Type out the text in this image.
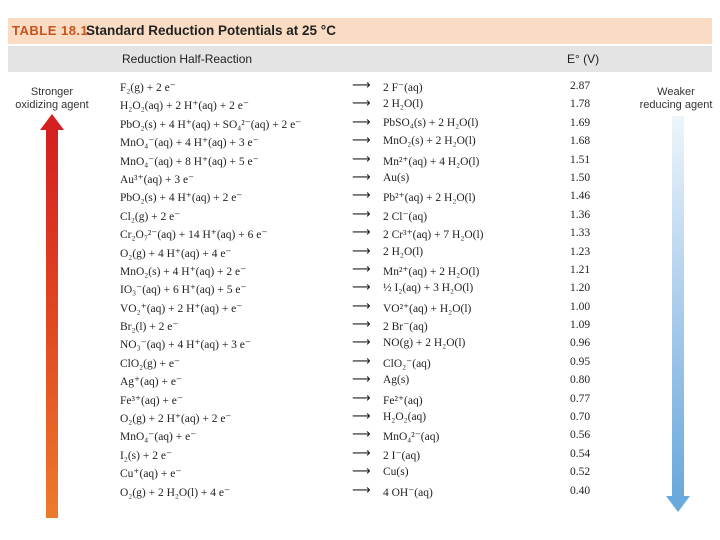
TABLE 18.1
Standard Reduction Potentials at 25 °C
Reduction Half-Reaction	E° (V)
Stronger oxidizing agent
Weaker reducing agent
F₂(g) + 2 e⁻	⟶ 2 F⁻(aq)	2.87
H₂O₂(aq) + 2 H⁺(aq) + 2 e⁻	⟶ 2 H₂O(l)	1.78
PbO₂(s) + 4 H⁺(aq) + SO₄²⁻(aq) + 2 e⁻	⟶ PbSO₄(s) + 2 H₂O(l)	1.69
MnO₄⁻(aq) + 4 H⁺(aq) + 3 e⁻	⟶ MnO₂(s) + 2 H₂O(l)	1.68
MnO₄⁻(aq) + 8 H⁺(aq) + 5 e⁻	⟶ Mn²⁺(aq) + 4 H₂O(l)	1.51
Au³⁺(aq) + 3 e⁻	⟶ Au(s)	1.50
PbO₂(s) + 4 H⁺(aq) + 2 e⁻	⟶ Pb²⁺(aq) + 2 H₂O(l)	1.46
Cl₂(g) + 2 e⁻	⟶ 2 Cl⁻(aq)	1.36
Cr₂O₇²⁻(aq) + 14 H⁺(aq) + 6 e⁻	⟶ 2 Cr³⁺(aq) + 7 H₂O(l)	1.33
O₂(g) + 4 H⁺(aq) + 4 e⁻	⟶ 2 H₂O(l)	1.23
MnO₂(s) + 4 H⁺(aq) + 2 e⁻	⟶ Mn²⁺(aq) + 2 H₂O(l)	1.21
IO₃⁻(aq) + 6 H⁺(aq) + 5 e⁻	⟶ ½ I₂(aq) + 3 H₂O(l)	1.20
VO₂⁺(aq) + 2 H⁺(aq) + e⁻	⟶ VO²⁺(aq) + H₂O(l)	1.00
Br₂(l) + 2 e⁻	⟶ 2 Br⁻(aq)	1.09
NO₃⁻(aq) + 4 H⁺(aq) + 3 e⁻	⟶ NO(g) + 2 H₂O(l)	0.96
ClO₂(g) + e⁻	⟶ ClO₂⁻(aq)	0.95
Ag⁺(aq) + e⁻	⟶ Ag(s)	0.80
Fe³⁺(aq) + e⁻	⟶ Fe²⁺(aq)	0.77
O₂(g) + 2 H⁺(aq) + 2 e⁻	⟶ H₂O₂(aq)	0.70
MnO₄⁻(aq) + e⁻	⟶ MnO₄²⁻(aq)	0.56
I₂(s) + 2 e⁻	⟶ 2 I⁻(aq)	0.54
Cu⁺(aq) + e⁻	⟶ Cu(s)	0.52
O₂(g) + 2 H₂O(l) + 4 e⁻	⟶ 4 OH⁻(aq)	0.40
